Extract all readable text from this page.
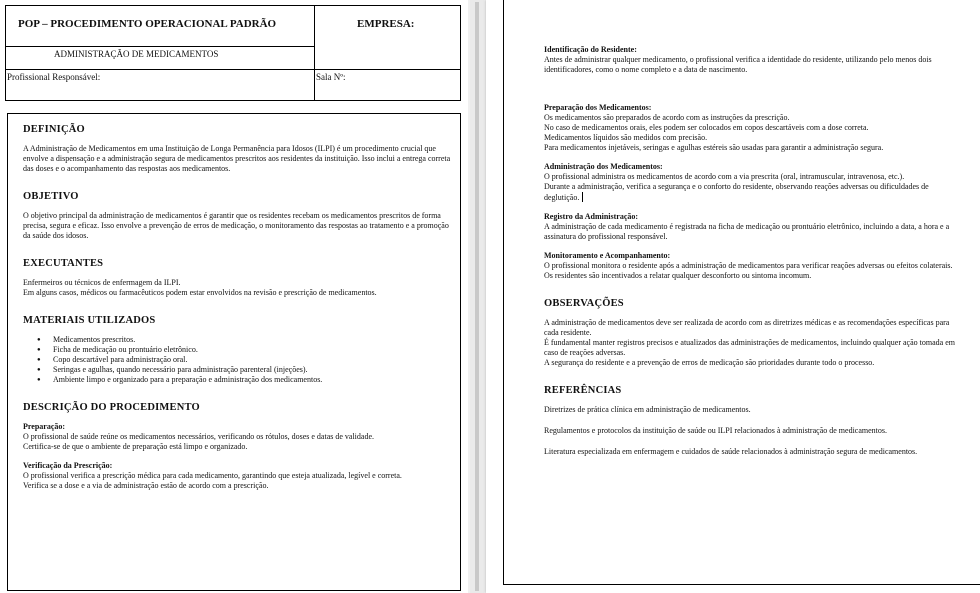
POP – PROCEDIMENTO OPERACIONAL PADRÃO
ADMINISTRAÇÃO DE MEDICAMENTOS
EMPRESA:
Profissional Responsável:	Sala Nº:
DEFINIÇÃO

A Administração de Medicamentos em uma Instituição de Longa Permanência para Idosos (ILPI) é um procedimento crucial que envolve a dispensação e a administração segura de medicamentos prescritos aos residentes da instituição. Isso inclui a entrega correta das doses e o acompanhamento das respostas aos medicamentos.

OBJETIVO

O objetivo principal da administração de medicamentos é garantir que os residentes recebam os medicamentos prescritos de forma precisa, segura e eficaz. Isso envolve a prevenção de erros de medicação, o monitoramento das respostas ao tratamento e a promoção da saúde dos idosos.

EXECUTANTES

Enfermeiros ou técnicos de enfermagem da ILPI.

Em alguns casos, médicos ou farmacêuticos podem estar envolvidos na revisão e prescrição de medicamentos.

MATERIAIS UTILIZADOS
● Medicamentos prescritos.
● Ficha de medicação ou prontuário eletrônico.
● Copo descartável para administração oral.
● Seringas e agulhas, quando necessário para administração parenteral (injeções).
● Ambiente limpo e organizado para a preparação e administração dos medicamentos.
DESCRIÇÃO DO PROCEDIMENTO

Preparação:

O profissional de saúde reúne os medicamentos necessários, verificando os rótulos, doses e datas de validade.

Certifica-se de que o ambiente de preparação está limpo e organizado.

Verificação da Prescrição:

O profissional verifica a prescrição médica para cada medicamento, garantindo que esteja atualizada, legível e correta.

Verifica se a dose e a via de administração estão de acordo com a prescrição.

Identificação do Residente:

Antes de administrar qualquer medicamento, o profissional verifica a identidade do residente, utilizando pelo menos dois identificadores, como o nome completo e a data de nascimento.

Preparação dos Medicamentos:

Os medicamentos são preparados de acordo com as instruções da prescrição.

No caso de medicamentos orais, eles podem ser colocados em copos descartáveis com a dose correta.

Medicamentos líquidos são medidos com precisão.

Para medicamentos injetáveis, seringas e agulhas estéreis são usadas para garantir a administração segura.

Administração dos Medicamentos:

O profissional administra os medicamentos de acordo com a via prescrita (oral, intramuscular, intravenosa, etc.).

Durante a administração, verifica a segurança e o conforto do residente, observando reações adversas ou dificuldades de deglutição.

Registro da Administração:

A administração de cada medicamento é registrada na ficha de medicação ou prontuário eletrônico, incluindo a data, a hora e a assinatura do profissional responsável.

Monitoramento e Acompanhamento:

O profissional monitora o residente após a administração de medicamentos para verificar reações adversas ou efeitos colaterais.

Os residentes são incentivados a relatar qualquer desconforto ou sintoma incomum.

OBSERVAÇÕES

A administração de medicamentos deve ser realizada de acordo com as diretrizes médicas e as recomendações específicas para cada residente.

É fundamental manter registros precisos e atualizados das administrações de medicamentos, incluindo qualquer ação tomada em caso de reações adversas.

A segurança do residente e a prevenção de erros de medicação são prioridades durante todo o processo.

REFERÊNCIAS

Diretrizes de prática clínica em administração de medicamentos.

Regulamentos e protocolos da instituição de saúde ou ILPI relacionados à administração de medicamentos.

Literatura especializada em enfermagem e cuidados de saúde relacionados à administração segura de medicamentos.
